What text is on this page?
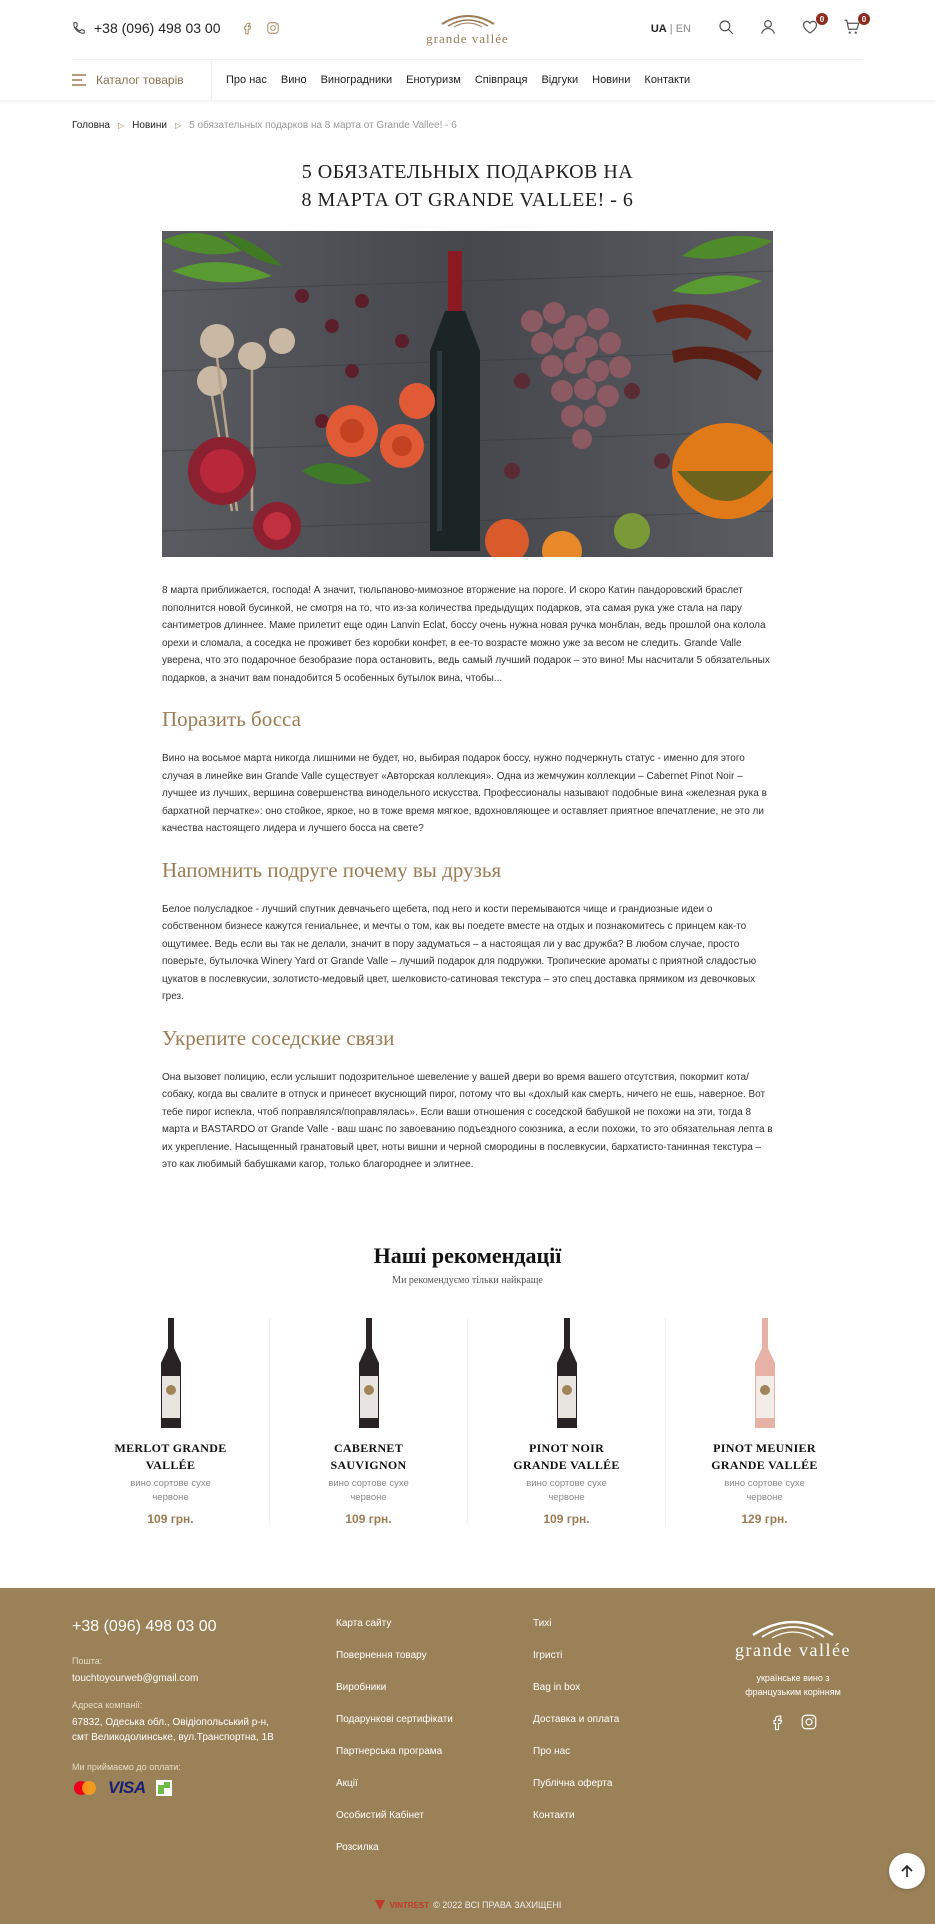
+38 (096) 498 03 00
grande vallée
UA | EN
0	0
Каталог товарів	Про нас Вино Виноградники Енотуризм Співпраця Відгуки Новини Контакти
Головна ▷ Новини ▷ 5 обязательных подарков на 8 марта от Grande Vallee! - 6
5 ОБЯЗАТЕЛЬНЫХ ПОДАРКОВ НА
8 МАРТА ОТ GRANDE VALLEE! - 6

8 марта приближается, господа! А значит, тюльпаново-мимозное вторжение на пороге. И скоро Катин пандоровский браслет пополнится новой бусинкой, не смотря на то, что из-за количества предыдущих подарков, эта самая рука уже стала на пару сантиметров длиннее. Маме прилетит еще один Lanvin Eclat, боссу очень нужна новая ручка монблан, ведь прошлой она колола орехи и сломала, а соседка не проживет без коробки конфет, в ее-то возрасте можно уже за весом не следить. Grande Valle уверена, что это подарочное безобразие пора остановить, ведь самый лучший подарок – это вино! Мы насчитали 5 обязательных подарков, а значит вам понадобится 5 особенных бутылок вина, чтобы...

Поразить босса

Вино на восьмое марта никогда лишними не будет, но, выбирая подарок боссу, нужно подчеркнуть статус - именно для этого случая в линейке вин Grande Valle существует «Авторская коллекция». Одна из жемчужин коллекции – Cabernet Pinot Noir – лучшее из лучших, вершина совершенства винодельного искусства. Профессионалы называют подобные вина «железная рука в бархатной перчатке»: оно стойкое, яркое, но в тоже время мягкое, вдохновляющее и оставляет приятное впечатление, не это ли качества настоящего лидера и лучшего босса на свете?

Напомнить подруге почему вы друзья

Белое полусладкое - лучший спутник девчачьего щебета, под него и кости перемываются чище и грандиозные идеи о собственном бизнесе кажутся гениальнее, и мечты о том, как вы поедете вместе на отдых и познакомитесь с принцем как-то ощутимее. Ведь если вы так не делали, значит в пору задуматься – а настоящая ли у вас дружба? В любом случае, просто поверьте, бутылочка Winery Yard от Grande Valle – лучший подарок для подружки. Тропические ароматы с приятной сладостью цукатов в послевкусии, золотисто-медовый цвет, шелковисто-сатиновая текстура – это спец доставка прямиком из девочковых грез.

Укрепите соседские связи

Она вызовет полицию, если услышит подозрительное шевеление у вашей двери во время вашего отсутствия, покормит кота/собаку, когда вы свалите в отпуск и принесет вкуснющий пирог, потому что вы «дохлый как смерть, ничего не ешь, наверное. Вот тебе пирог испекла, чтоб поправлялся/поправлялась». Если ваши отношения с соседской бабушкой не похожи на эти, тогда 8 марта и BASTARDO от Grande Valle - ваш шанс по завоеванию подъездного союзника, а если похожи, то это обязательная лепта в их укрепление. Насыщенный гранатовый цвет, ноты вишни и черной смородины в послевкусии, бархатисто-танинная текстура – это как любимый бабушками кагор, только благороднее и элитнее.

Наші рекомендації
Ми рекомендуємо тільки найкраще
MERLOT GRANDE
VALLÉE
вино сортове сухе
червоне
109 грн.
CABERNET
SAUVIGNON
вино сортове сухе
червоне
109 грн.
PINOT NOIR
GRANDE VALLÉE
вино сортове сухе
червоне
109 грн.
PINOT MEUNIER
GRANDE VALLÉE
вино сортове сухе
червоне
129 грн.
+38 (096) 498 03 00
Пошта:
touchtoyourweb@gmail.com
Адреса компанії:
67832, Одеська обл., Овідіопольський р-н,
смт Великодолинське, вул.Транспортна, 1В
Ми приймаємо до оплати:
VISA
Карта сайту
Повернення товару
Виробники
Подарункові сертифікати
Партнерська програма
Акції
Особистий Кабінет
Розсилка
Тихі
Ігристі
Bag in box
Доставка и оплата
Про нас
Публічна оферта
Контакти
grande vallée
українське вино з
французьким корінням
VINTREST © 2022 ВСІ ПРАВА ЗАХИЩЕНІ
